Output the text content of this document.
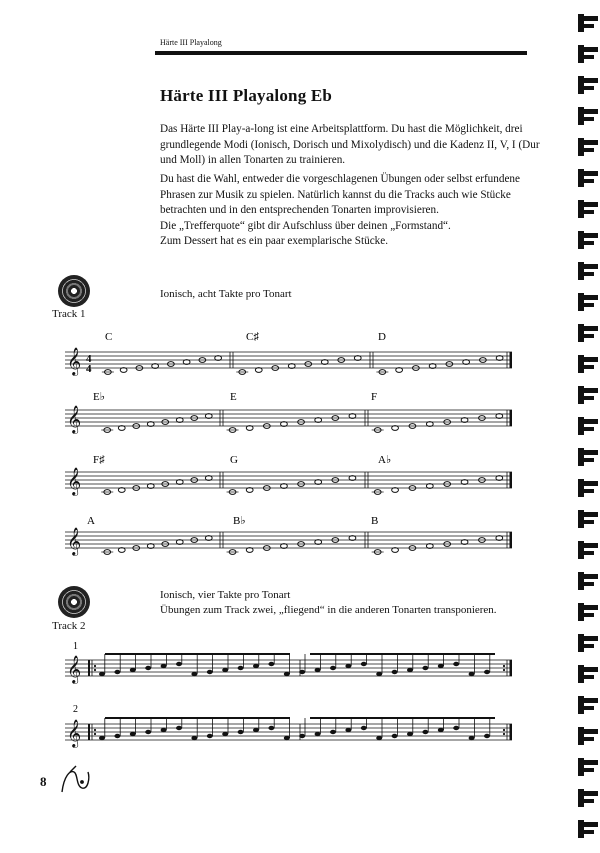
Härte III Playalong
Härte III Playalong Eb

Das Härte III Play-a-long ist eine Arbeitsplattform. Du hast die Möglichkeit, drei grundlegende Modi (Ionisch, Dorisch und Mixolydisch) und die Kadenz II, V, I (Dur und Moll) in allen Tonarten zu trainieren.

Du hast die Wahl, entweder die vorgeschlagenen Übungen oder selbst erfundene Phrasen zur Musik zu spielen. Natürlich kannst du die Tracks auch wie Stücke betrachten und in den entsprechenden Tonarten improvisieren.
Die „Trefferquote“ gibt dir Aufschluss über deinen „Formstand“.
Zum Dessert hat es ein paar exemplarische Stücke.
Track 1
Ionisch, acht Takte pro Tonart
Track 2
Ionisch, vier Takte pro Tonart
Übungen zum Track zwei, „fliegend“ in die anderen Tonarten transponieren.
𝄞
𝄞
𝄞
𝄞
𝄞
𝄞
C	C♯	D
E♭	E	F
F♯	G	A♭
A	B♭	B
4
4
1
2
8
